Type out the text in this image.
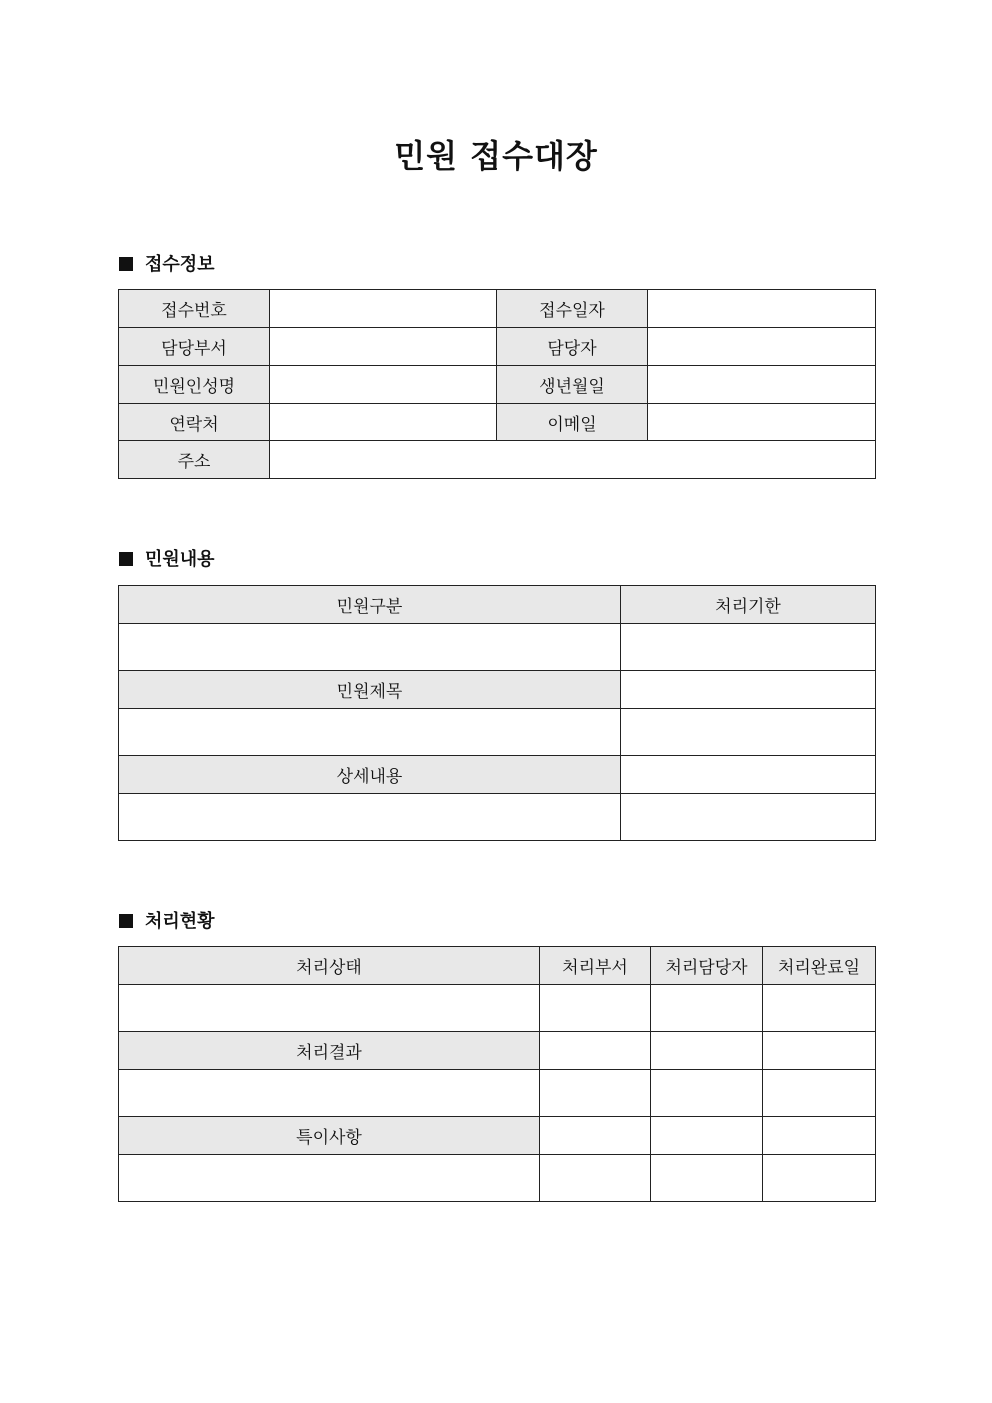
민원 접수대장
접수정보
접수번호		접수일자	
담당부서		담당자	
민원인성명		생년월일	
연락처		이메일	
주소			
민원내용
민원구분	처리기한

민원제목	

상세내용	

처리현황
처리상태	처리부서	처리담당자	처리완료일

처리결과			

특이사항			
